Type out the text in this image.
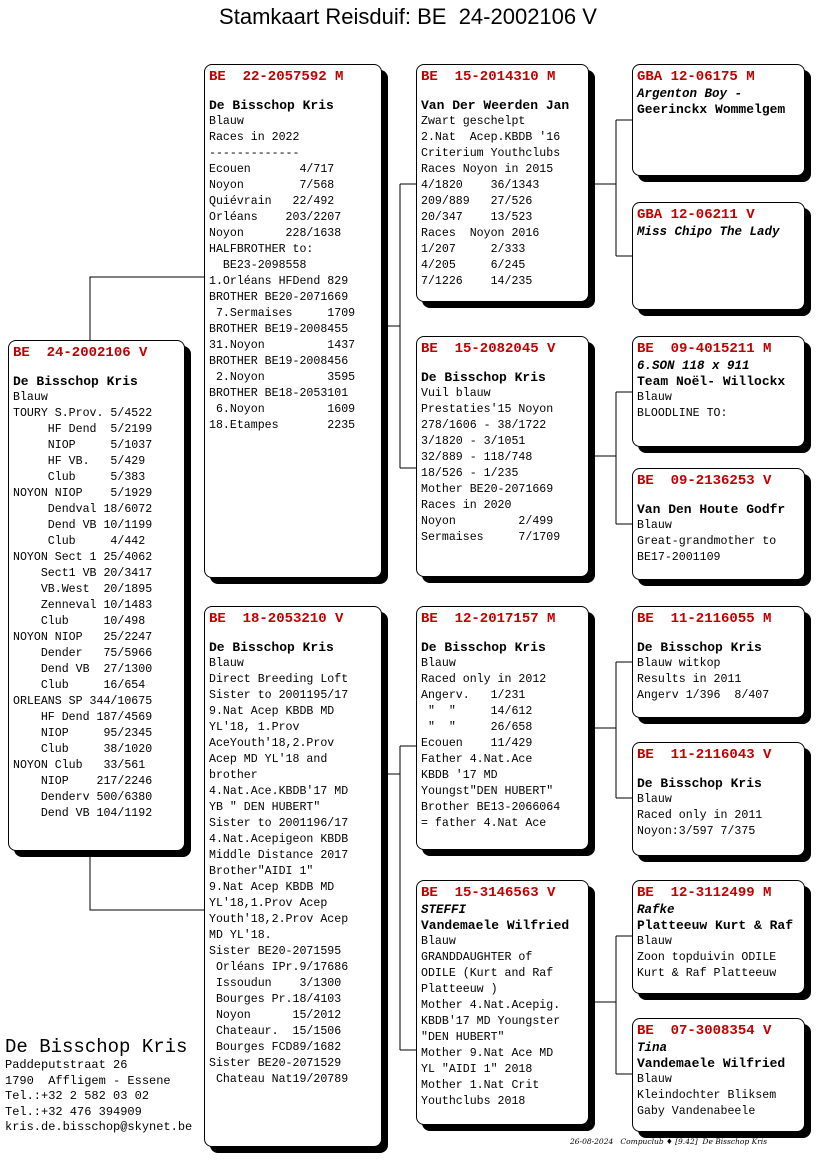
Stamkaart Reisduif: BE  24-2002106 V
BE  24-2002106 V
De Bisschop Kris
Blauw
TOURY S.Prov. 5/4522
HF Dend  5/2199
NIOP     5/1037
HF VB.   5/429
Club     5/383
NOYON NIOP    5/1929
Dendval 18/6072
Dend VB 10/1199
Club     4/442
NOYON Sect 1 25/4062
Sect1 VB 20/3417
VB.West  20/1895
Zenneval 10/1483
Club     10/498
NOYON NIOP   25/2247
Dender   75/5966
Dend VB  27/1300
Club     16/654
ORLEANS SP 344/10675
HF Dend 187/4569
NIOP     95/2345
Club     38/1020
NOYON Club   33/561
NIOP    217/2246
Denderv 500/6380
Dend VB 104/1192
BE  22-2057592 M
De Bisschop Kris
Blauw
Races in 2022
-------------
Ecouen       4/717
Noyon        7/568
Quiévrain   22/492
Orléans    203/2207
Noyon      228/1638
HALFBROTHER to:
BE23-2098558
1.Orléans HFDend 829
BROTHER BE20-2071669
7.Sermaises     1709
BROTHER BE19-2008455
31.Noyon         1437
BROTHER BE19-2008456
2.Noyon         3595
BROTHER BE18-2053101
6.Noyon         1609
18.Etampes       2235
BE  18-2053210 V
De Bisschop Kris
Blauw
Direct Breeding Loft
Sister to 2001195/17
9.Nat Acep KBDB MD
YL'18, 1.Prov
AceYouth'18,2.Prov
Acep MD YL'18 and
brother
4.Nat.Ace.KBDB'17 MD
YB " DEN HUBERT"
Sister to 2001196/17
4.Nat.Acepigeon KBDB
Middle Distance 2017
Brother"AIDI 1"
9.Nat Acep KBDB MD
YL'18,1.Prov Acep
Youth'18,2.Prov Acep
MD YL'18.
Sister BE20-2071595
Orléans IPr.9/17686
Issoudun    3/1300
Bourges Pr.18/4103
Noyon      15/2012
Chateaur.  15/1506
Bourges FCD89/1682
Sister BE20-2071529
Chateau Nat19/20789
BE  15-2014310 M
Van Der Weerden Jan
Zwart geschelpt
2.Nat  Acep.KBDB '16
Criterium Youthclubs
Races Noyon in 2015
4/1820    36/1343
209/889   27/526
20/347    13/523
Races  Noyon 2016
1/207     2/333
4/205     6/245
7/1226    14/235
BE  15-2082045 V
De Bisschop Kris
Vuil blauw
Prestaties'15 Noyon
278/1606 - 38/1722
3/1820 - 3/1051
32/889 - 118/748
18/526 - 1/235
Mother BE20-2071669
Races in 2020
Noyon         2/499
Sermaises     7/1709
BE  12-2017157 M
De Bisschop Kris
Blauw
Raced only in 2012
Angerv.   1/231
"  "     14/612
"  "     26/658
Ecouen    11/429
Father 4.Nat.Ace
KBDB '17 MD
Youngst"DEN HUBERT"
Brother BE13-2066064
= father 4.Nat Ace
BE  15-3146563 V
STEFFI
Vandemaele Wilfried
Blauw
GRANDDAUGHTER of
ODILE (Kurt and Raf
Platteeuw )
Mother 4.Nat.Acepig.
KBDB'17 MD Youngster
"DEN HUBERT"
Mother 9.Nat Ace MD
YL "AIDI 1" 2018
Mother 1.Nat Crit
Youthclubs 2018
GBA 12-06175 M
Argenton Boy -
Geerinckx Wommelgem
GBA 12-06211 V
Miss Chipo The Lady
BE  09-4015211 M
6.SON 118 x 911
Team Noël- Willockx
Blauw
BLOODLINE TO:
BE  09-2136253 V
Van Den Houte Godfr
Blauw
Great-grandmother to
BE17-2001109
BE  11-2116055 M
De Bisschop Kris
Blauw witkop
Results in 2011
Angerv 1/396  8/407
BE  11-2116043 V
De Bisschop Kris
Blauw
Raced only in 2011
Noyon:3/597 7/375
BE  12-3112499 M
Rafke
Platteeuw Kurt & Raf
Blauw
Zoon topduivin ODILE
Kurt & Raf Platteeuw
BE  07-3008354 V
Tina
Vandemaele Wilfried
Blauw
Kleindochter Bliksem
Gaby Vandenabeele
De Bisschop Kris
Paddeputstraat 26
1790  Affligem - Essene
Tel.:+32 2 582 03 02
Tel.:+32 476 394909
kris.de.bisschop@skynet.be
26-08-2024   Compuclub ♦ [9.42]  De Bisschop Kris
